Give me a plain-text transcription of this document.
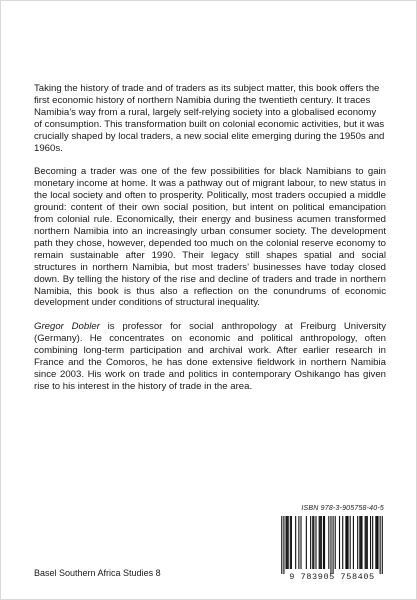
Taking the history of trade and of traders as its subject matter, this book offers the first economic history of northern Namibia during the twentieth century. It traces Namibia’s way from a rural, largely self-relying society into a globalised economy of consumption. This transformation built on colonial economic activities, but it was crucially shaped by local traders, a new social elite emerging during the 1950s and 1960s.

Becoming a trader was one of the few possibilities for black Namibians to gain monetary income at home. It was a pathway out of migrant labour, to new status in the local society and often to prosperity. Politically, most traders occupied a middle ground: content of their own social position, but intent on political emancipation from colonial rule. Economically, their energy and business acumen transformed northern Namibia into an increasingly urban consumer society. The development path they chose, however, depended too much on the colonial reserve economy to remain sustainable after 1990. Their legacy still shapes spatial and social structures in northern Namibia, but most traders’ businesses have today closed down. By telling the history of the rise and decline of traders and trade in northern Namibia, this book is thus also a reflection on the conundrums of economic development under conditions of structural inequality.

Gregor Dobler is professor for social anthropology at Freiburg University (Germany). He concentrates on economic and political anthropology, often combining long-term participation and archival work. After earlier research in France and the Comoros, he has done extensive fieldwork in northern Namibia since 2003. His work on trade and politics in contemporary Oshikango has given rise to his interest in the history of trade in the area.

ISBN 978-3-905758-40-5
9 783905 758405
Basel Southern Africa Studies 8
